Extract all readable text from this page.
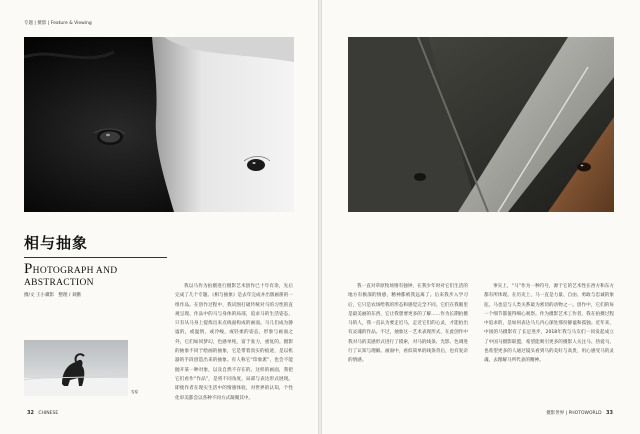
专题 | 摄影 | Feature & Viewing
相与抽象
PHOTOGRAPH AND ABSTRACTION
摄/文 王小骥影　整理 / 刘鹏

我以马作为拍摄进行摄影艺术创作已十年有余，先后完成了几个专题。《相与抽象》是去年完成并出版画册的一组作品。在创作过程中，我试图打破传统对马的习性的直观呈现。作品中的马与身体的局部，追求马的生活姿态，只有从马身上提炼出来点线面构成的画面。马儿们成为静谧的，或温情，或冷峻，或轻柔的姿态，形象与画面之外，它们如同梦幻，色感单纯，富于张力，重复的。摄影的抽象不同于绘画的抽象，它是带着真实的痕迹，是以机器的手段创造出来的抽象。有人称它“印象派”，也会不能抛开某一种对象，以及自然不存在的。这样的画面，我把它们看作“作品”，是将不同角度、局部与表达形式展现。即使作者在现实生活中的情感体验，对世界的认知，个性化审美都会以各种不同方式凝聚其中。

我一直对草原牧场情有独钟，在我少年时对它们生活的地方有极深的情感，精神都被我远离了。后来我步入学习后，它只是农场给我的形态和感觉完全不同。它们在我眼里是最美丽的东西，它让我想要更多的了解……作为长期拍摄马的人，我一直认为要走近马，走近它们的心灵，才能拍出有灵魂的作品。不过，抽象这一艺术表现形式，在此创作中我对马的美感形式进行了摸索，对马的线条、光影、色调进行了认知与理解。画面中，看似简单的线条背后，也有复杂的情感。

事实上，“马”作为一种符号，源于它的艺术性在西方和东方都有所体现。在历史上，马一直是力量、自由、勇敢与忠诚的象征。马也是与人类关系最为密切的动物之一。创作中，它们的每一个细节都值得细心观察。作为摄影艺术工作者，我在拍摄过程中追求的，是如何表达马儿内心深处那份静谧和孤独。近年来，中国的马摄影有了长足进步，2018年我与马友们一同发起成立了中国马摄影联盟，希望能吸引更多的摄影人关注马、热爱马，也希望更多的人通过镜头看到马的美好与高贵，用心感受马的灵魂，去理解马所代表的精神。

雪原
32 CHINESE	摄影世界 | PHOTOWORLD 33
